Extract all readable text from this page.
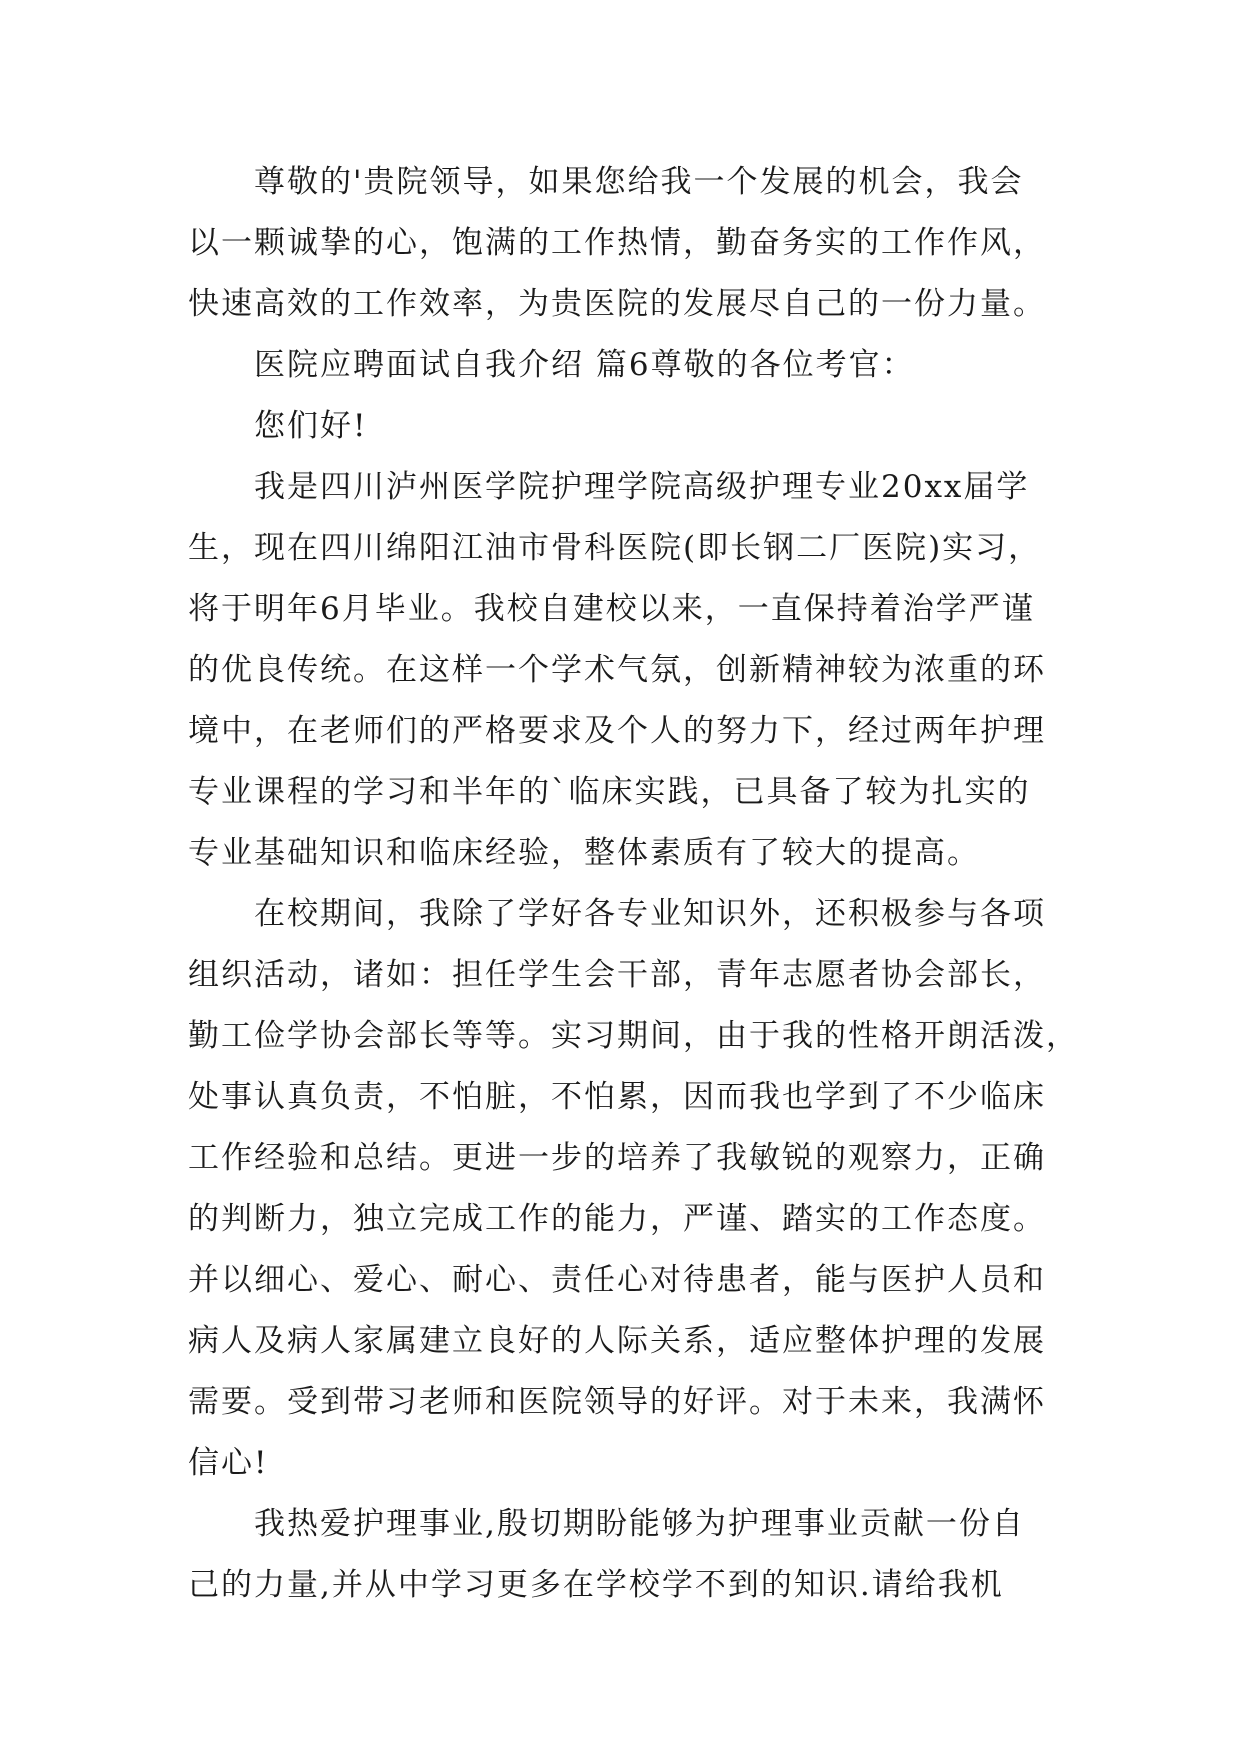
尊敬的'贵院领导，如果您给我一个发展的机会，我会
以一颗诚挚的心，饱满的工作热情，勤奋务实的工作作风，
快速高效的工作效率，为贵医院的发展尽自己的一份力量。
医院应聘面试自我介绍 篇6尊敬的各位考官：
您们好!
我是四川泸州医学院护理学院高级护理专业20xx届学
生，现在四川绵阳江油市骨科医院(即长钢二厂医院)实习，
将于明年6月毕业。我校自建校以来，一直保持着治学严谨
的优良传统。在这样一个学术气氛，创新精神较为浓重的环
境中，在老师们的严格要求及个人的努力下，经过两年护理
专业课程的学习和半年的`临床实践，已具备了较为扎实的
专业基础知识和临床经验，整体素质有了较大的提高。
在校期间，我除了学好各专业知识外，还积极参与各项
组织活动，诸如：担任学生会干部，青年志愿者协会部长，
勤工俭学协会部长等等。实习期间，由于我的性格开朗活泼，
处事认真负责，不怕脏，不怕累，因而我也学到了不少临床
工作经验和总结。更进一步的培养了我敏锐的观察力，正确
的判断力，独立完成工作的能力，严谨、踏实的工作态度。
并以细心、爱心、耐心、责任心对待患者，能与医护人员和
病人及病人家属建立良好的人际关系，适应整体护理的发展
需要。受到带习老师和医院领导的好评。对于未来，我满怀
信心!
我热爱护理事业,殷切期盼能够为护理事业贡献一份自
己的力量,并从中学习更多在学校学不到的知识.请给我机
